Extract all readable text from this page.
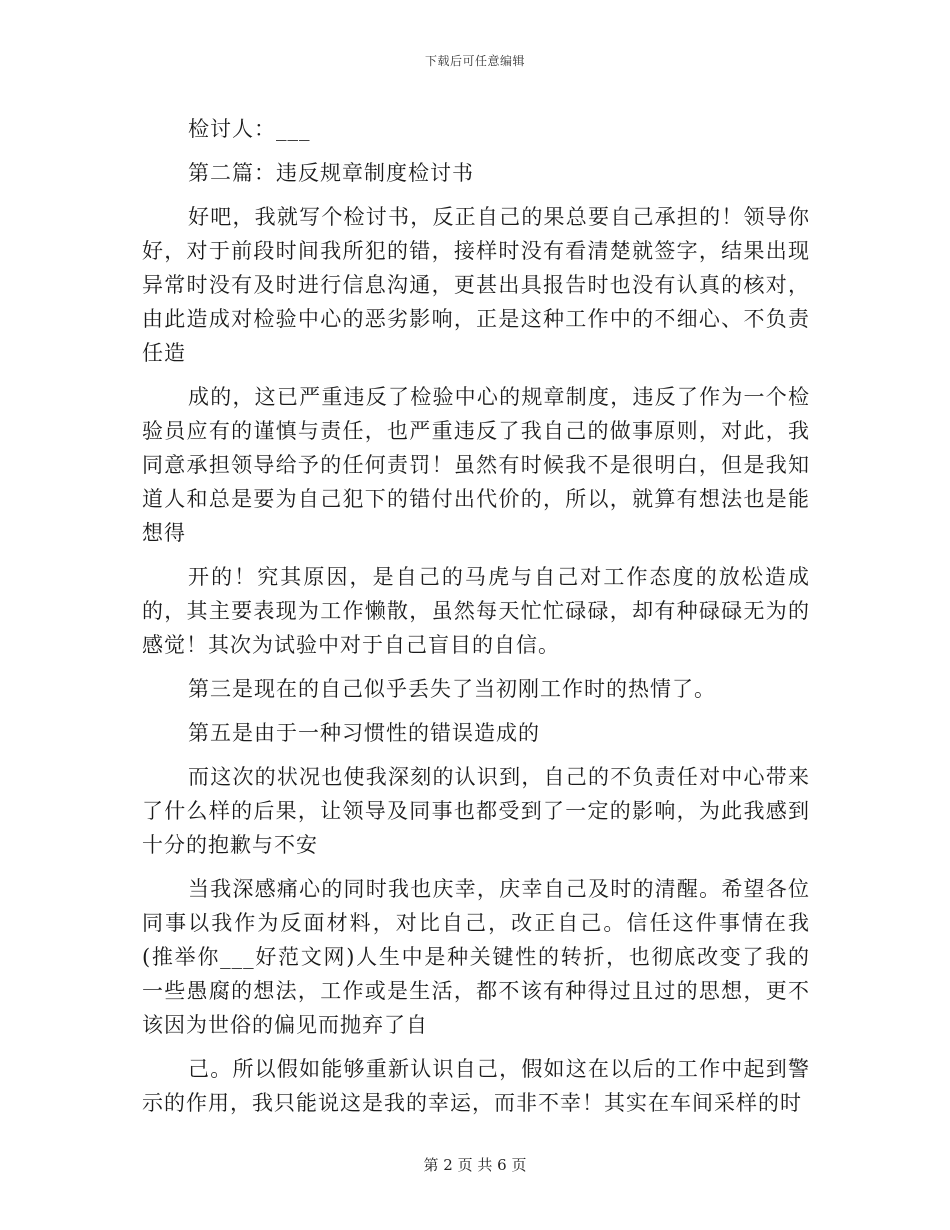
下载后可任意编辑

检讨人：___

第二篇：违反规章制度检讨书

好吧，我就写个检讨书，反正自己的果总要自己承担的！领导你好，对于前段时间我所犯的错，接样时没有看清楚就签字，结果出现异常时没有及时进行信息沟通，更甚出具报告时也没有认真的核对，由此造成对检验中心的恶劣影响，正是这种工作中的不细心、不负责任造

成的，这已严重违反了检验中心的规章制度，违反了作为一个检验员应有的谨慎与责任，也严重违反了我自己的做事原则，对此，我同意承担领导给予的任何责罚！虽然有时候我不是很明白，但是我知道人和总是要为自己犯下的错付出代价的，所以，就算有想法也是能想得

开的！究其原因，是自己的马虎与自己对工作态度的放松造成的，其主要表现为工作懒散，虽然每天忙忙碌碌，却有种碌碌无为的感觉！其次为试验中对于自己盲目的自信。

第三是现在的自己似乎丢失了当初刚工作时的热情了。

第五是由于一种习惯性的错误造成的

而这次的状况也使我深刻的认识到，自己的不负责任对中心带来了什么样的后果，让领导及同事也都受到了一定的影响，为此我感到十分的抱歉与不安

当我深感痛心的同时我也庆幸，庆幸自己及时的清醒。希望各位同事以我作为反面材料，对比自己，改正自己。信任这件事情在我(推举你___好范文网)人生中是种关键性的转折，也彻底改变了我的一些愚腐的想法，工作或是生活，都不该有种得过且过的思想，更不该因为世俗的偏见而抛弃了自

己。所以假如能够重新认识自己，假如这在以后的工作中起到警示的作用，我只能说这是我的幸运，而非不幸！其实在车间采样的时

第 2 页 共 6 页
